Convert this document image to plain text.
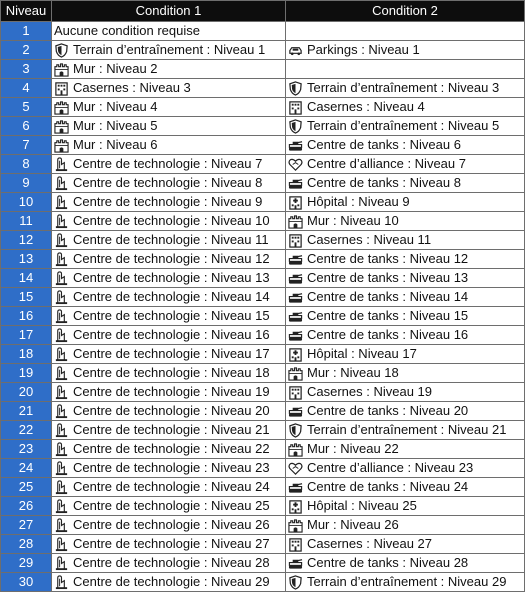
Niveau	Condition 1	Condition 2
1	Aucune condition requise	

2	Terrain d’entraînement : Niveau 1	Parkings : Niveau 1

3	Mur : Niveau 2	

4	Casernes : Niveau 3	Terrain d’entraînement : Niveau 3

5	Mur : Niveau 4	Casernes : Niveau 4

6	Mur : Niveau 5	Terrain d’entraînement : Niveau 5

7	Mur : Niveau 6	Centre de tanks : Niveau 6

8	Centre de technologie : Niveau 7	Centre d’alliance : Niveau 7

9	Centre de technologie : Niveau 8	Centre de tanks : Niveau 8

10	Centre de technologie : Niveau 9	Hôpital : Niveau 9

11	Centre de technologie : Niveau 10	Mur : Niveau 10

12	Centre de technologie : Niveau 11	Casernes : Niveau 11

13	Centre de technologie : Niveau 12	Centre de tanks : Niveau 12

14	Centre de technologie : Niveau 13	Centre de tanks : Niveau 13

15	Centre de technologie : Niveau 14	Centre de tanks : Niveau 14

16	Centre de technologie : Niveau 15	Centre de tanks : Niveau 15

17	Centre de technologie : Niveau 16	Centre de tanks : Niveau 16

18	Centre de technologie : Niveau 17	Hôpital : Niveau 17

19	Centre de technologie : Niveau 18	Mur : Niveau 18

20	Centre de technologie : Niveau 19	Casernes : Niveau 19

21	Centre de technologie : Niveau 20	Centre de tanks : Niveau 20

22	Centre de technologie : Niveau 21	Terrain d’entraînement : Niveau 21

23	Centre de technologie : Niveau 22	Mur : Niveau 22

24	Centre de technologie : Niveau 23	Centre d’alliance : Niveau 23

25	Centre de technologie : Niveau 24	Centre de tanks : Niveau 24

26	Centre de technologie : Niveau 25	Hôpital : Niveau 25

27	Centre de technologie : Niveau 26	Mur : Niveau 26

28	Centre de technologie : Niveau 27	Casernes : Niveau 27

29	Centre de technologie : Niveau 28	Centre de tanks : Niveau 28

30	Centre de technologie : Niveau 29	Terrain d’entraînement : Niveau 29
